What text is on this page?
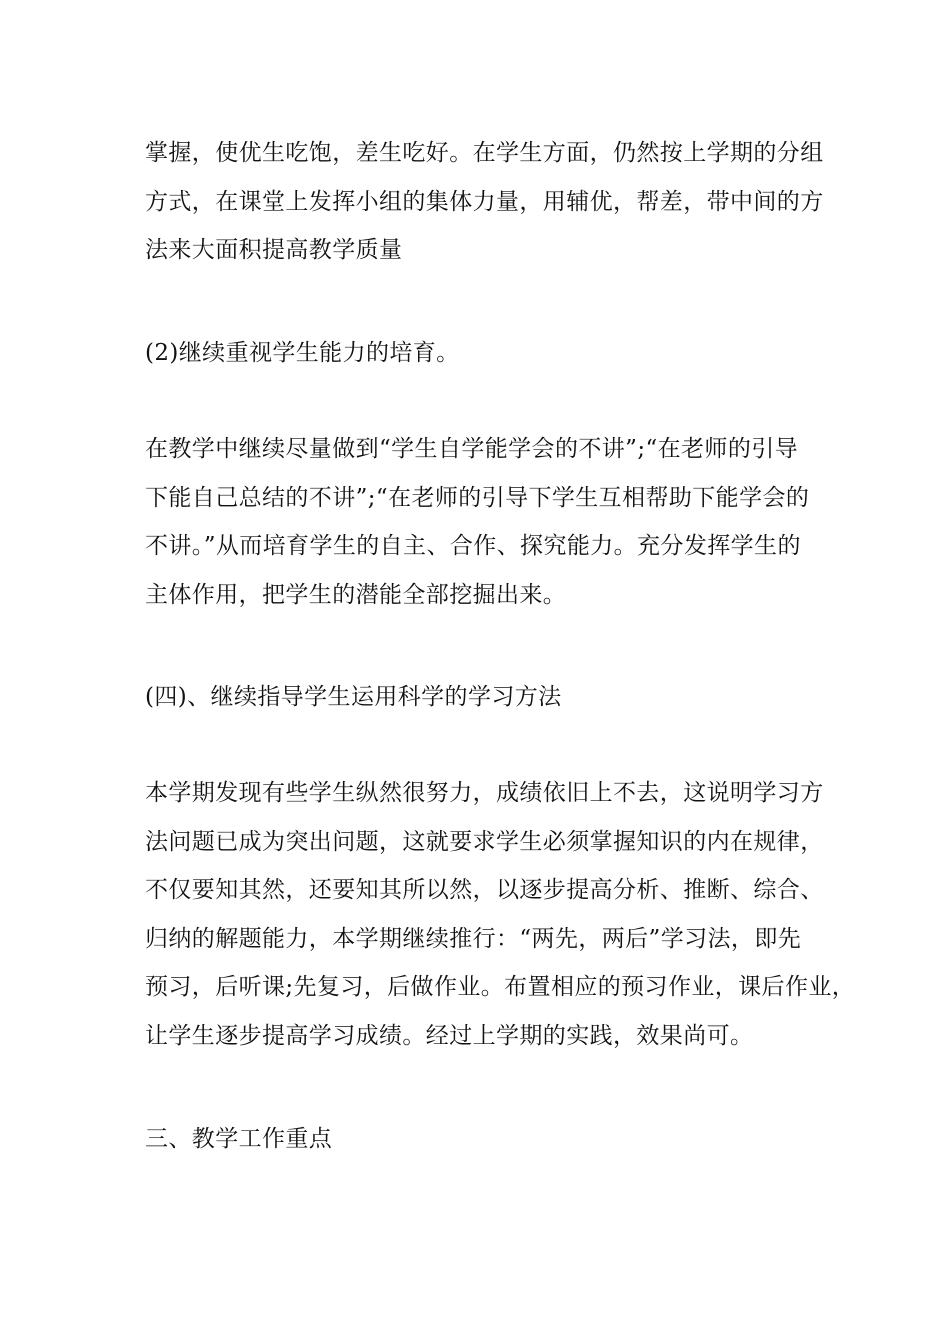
掌握，使优生吃饱，差生吃好。在学生方面，仍然按上学期的分组
方式，在课堂上发挥小组的集体力量，用辅优，帮差，带中间的方
法来大面积提高教学质量

(2)继续重视学生能力的培育。

在教学中继续尽量做到“学生自学能学会的不讲”;“在老师的引导
下能自己总结的不讲”;“在老师的引导下学生互相帮助下能学会的
不讲。”从而培育学生的自主、合作、探究能力。充分发挥学生的
主体作用，把学生的潜能全部挖掘出来。

(四)、继续指导学生运用科学的学习方法

本学期发现有些学生纵然很努力，成绩依旧上不去，这说明学习方
法问题已成为突出问题，这就要求学生必须掌握知识的内在规律，
不仅要知其然，还要知其所以然，以逐步提高分析、推断、综合、
归纳的解题能力，本学期继续推行：“两先，两后”学习法，即先
预习，后听课;先复习，后做作业。布置相应的预习作业，课后作业，
让学生逐步提高学习成绩。经过上学期的实践，效果尚可。

三、教学工作重点
